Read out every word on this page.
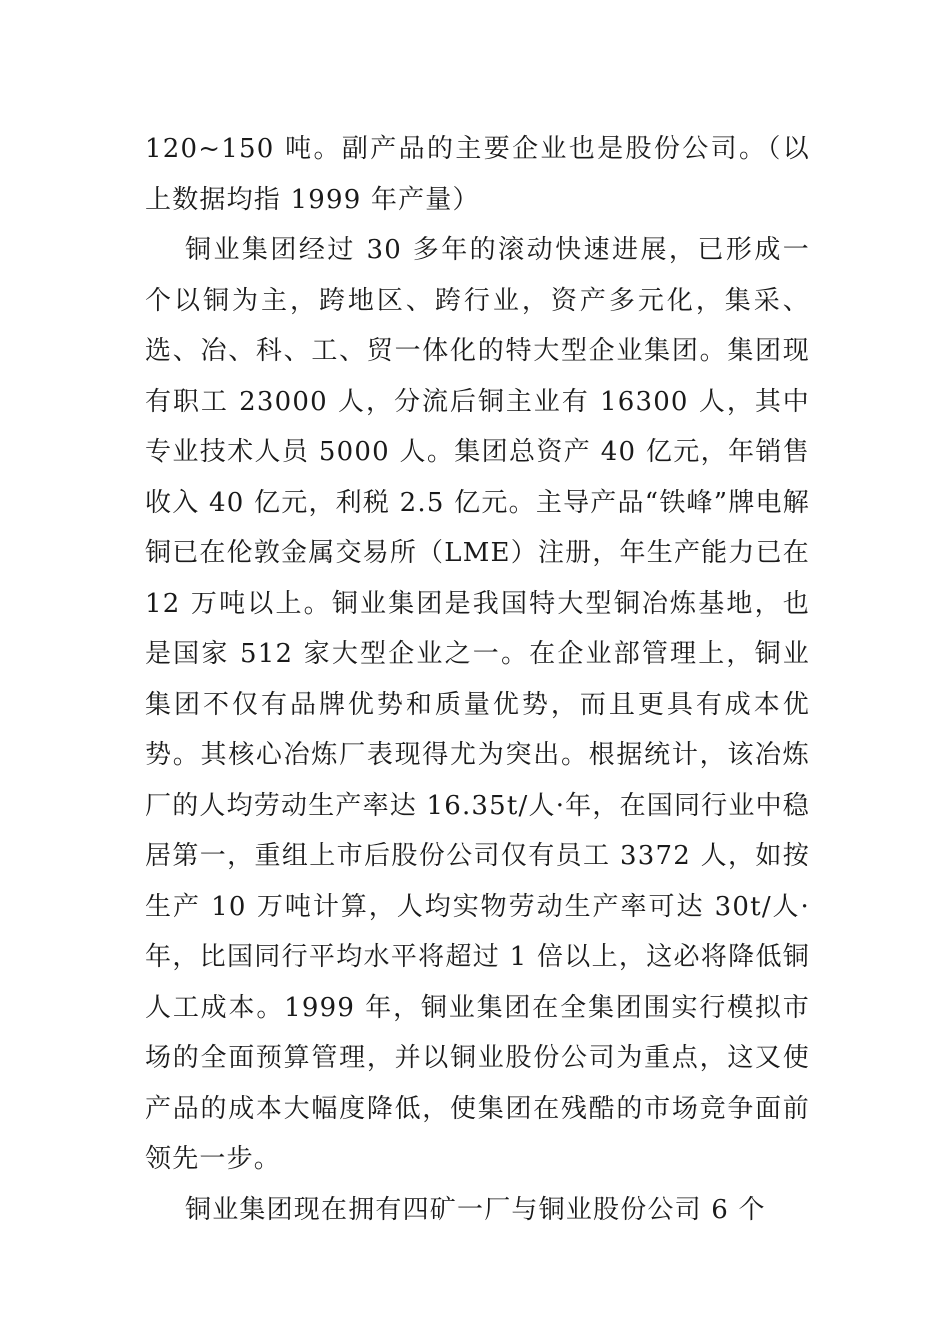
120~150 吨。副产品的主要企业也是股份公司。（以上数据均指 1999 年产量）

铜业集团经过 30 多年的滚动快速进展，已形成一个以铜为主，跨地区、跨行业，资产多元化，集采、选、冶、科、工、贸一体化的特大型企业集团。集团现有职工 23000 人，分流后铜主业有 16300 人，其中专业技术人员 5000 人。集团总资产 40 亿元，年销售收入 40 亿元，利税 2.5 亿元。主导产品“铁峰”牌电解铜已在伦敦金属交易所（LME）注册，年生产能力已在 12 万吨以上。铜业集团是我国特大型铜冶炼基地，也是国家 512 家大型企业之一。在企业部管理上，铜业集团不仅有品牌优势和质量优势，而且更具有成本优势。其核心冶炼厂表现得尤为突出。根据统计，该冶炼厂的人均劳动生产率达 16.35t/人·年，在国同行业中稳居第一，重组上市后股份公司仅有员工 3372 人，如按生产 10 万吨计算，人均实物劳动生产率可达 30t/人·年，比国同行平均水平将超过 1 倍以上，这必将降低铜人工成本。1999 年，铜业集团在全集团围实行模拟市场的全面预算管理，并以铜业股份公司为重点，这又使产品的成本大幅度降低，使集团在残酷的市场竞争面前领先一步。

铜业集团现在拥有四矿一厂与铜业股份公司 6 个
